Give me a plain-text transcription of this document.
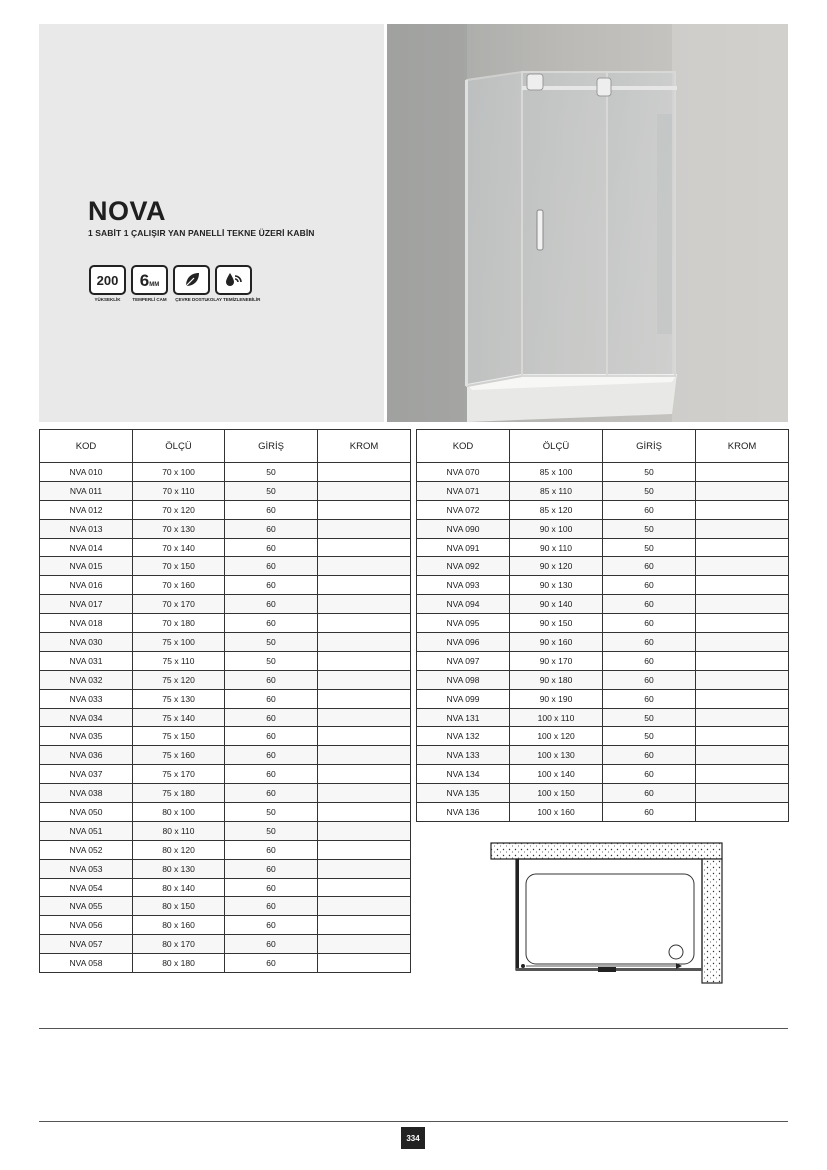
NOVA
1 SABİT 1 ÇALIŞIR YAN PANELLİ TEKNE ÜZERİ KABİN
200
YÜKSEKLİK
6MM
TEMPERLİ CAM ÇEVRE DOSTU
KOLAY TEMİZLENEBİLİR
KOD	ÖLÇÜ	GİRİŞ	KROM
NVA 010	70 x 100	50	
NVA 011	70 x 110	50	
NVA 012	70 x 120	60	
NVA 013	70 x 130	60	
NVA 014	70 x 140	60	
NVA 015	70 x 150	60	
NVA 016	70 x 160	60	
NVA 017	70 x 170	60	
NVA 018	70 x 180	60	
NVA 030	75 x 100	50	
NVA 031	75 x 110	50	
NVA 032	75 x 120	60	
NVA 033	75 x 130	60	
NVA 034	75 x 140	60	
NVA 035	75 x 150	60	
NVA 036	75 x 160	60	
NVA 037	75 x 170	60	
NVA 038	75 x 180	60	
NVA 050	80 x 100	50	
NVA 051	80 x 110	50	
NVA 052	80 x 120	60	
NVA 053	80 x 130	60	
NVA 054	80 x 140	60	
NVA 055	80 x 150	60	
NVA 056	80 x 160	60	
NVA 057	80 x 170	60	
NVA 058	80 x 180	60	
KOD	ÖLÇÜ	GİRİŞ	KROM
NVA 070	85 x 100	50	
NVA 071	85 x 110	50	
NVA 072	85 x 120	60	
NVA 090	90 x 100	50	
NVA 091	90 x 110	50	
NVA 092	90 x 120	60	
NVA 093	90 x 130	60	
NVA 094	90 x 140	60	
NVA 095	90 x 150	60	
NVA 096	90 x 160	60	
NVA 097	90 x 170	60	
NVA 098	90 x 180	60	
NVA 099	90 x 190	60	
NVA 131	100 x 110	50	
NVA 132	100 x 120	50	
NVA 133	100 x 130	60	
NVA 134	100 x 140	60	
NVA 135	100 x 150	60	
NVA 136	100 x 160	60	
334
